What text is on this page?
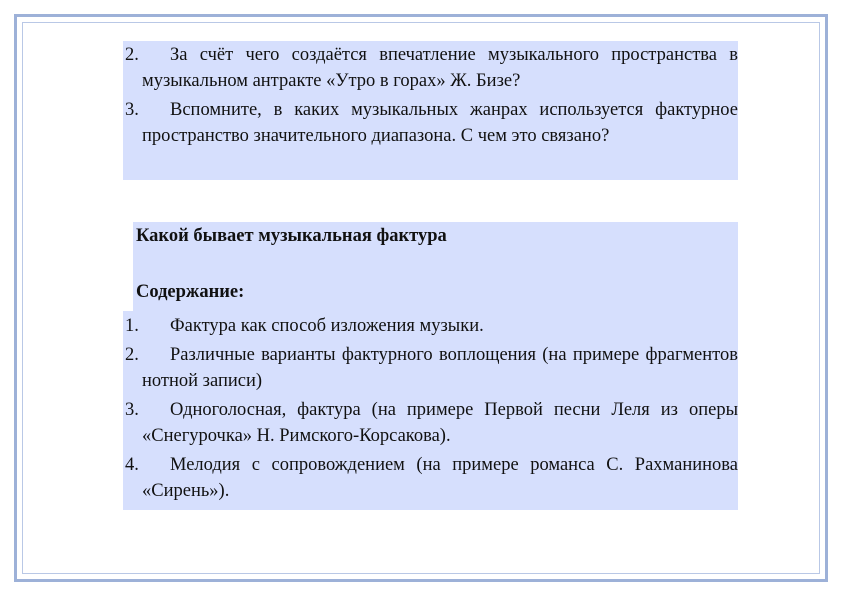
2.	За счёт чего создаётся впечатление музыкального пространства в музыкальном антракте «Утро в горах» Ж. Бизе?
3.	Вспомните, в каких музыкальных жанрах используется фактурное пространство значительного диапазона. С чем это связано?
Какой бывает музыкальная фактура
Содержание:
1.	Фактура как способ изложения музыки.
2.	Различные варианты фактурного воплощения (на примере фрагментов нотной записи)
3.	Одноголосная, фактура (на примере Первой песни Леля из оперы «Снегурочка» Н. Римского-Корсакова).
4.	Мелодия с сопровождением (на примере романса С. Рахманинова «Сирень»).
